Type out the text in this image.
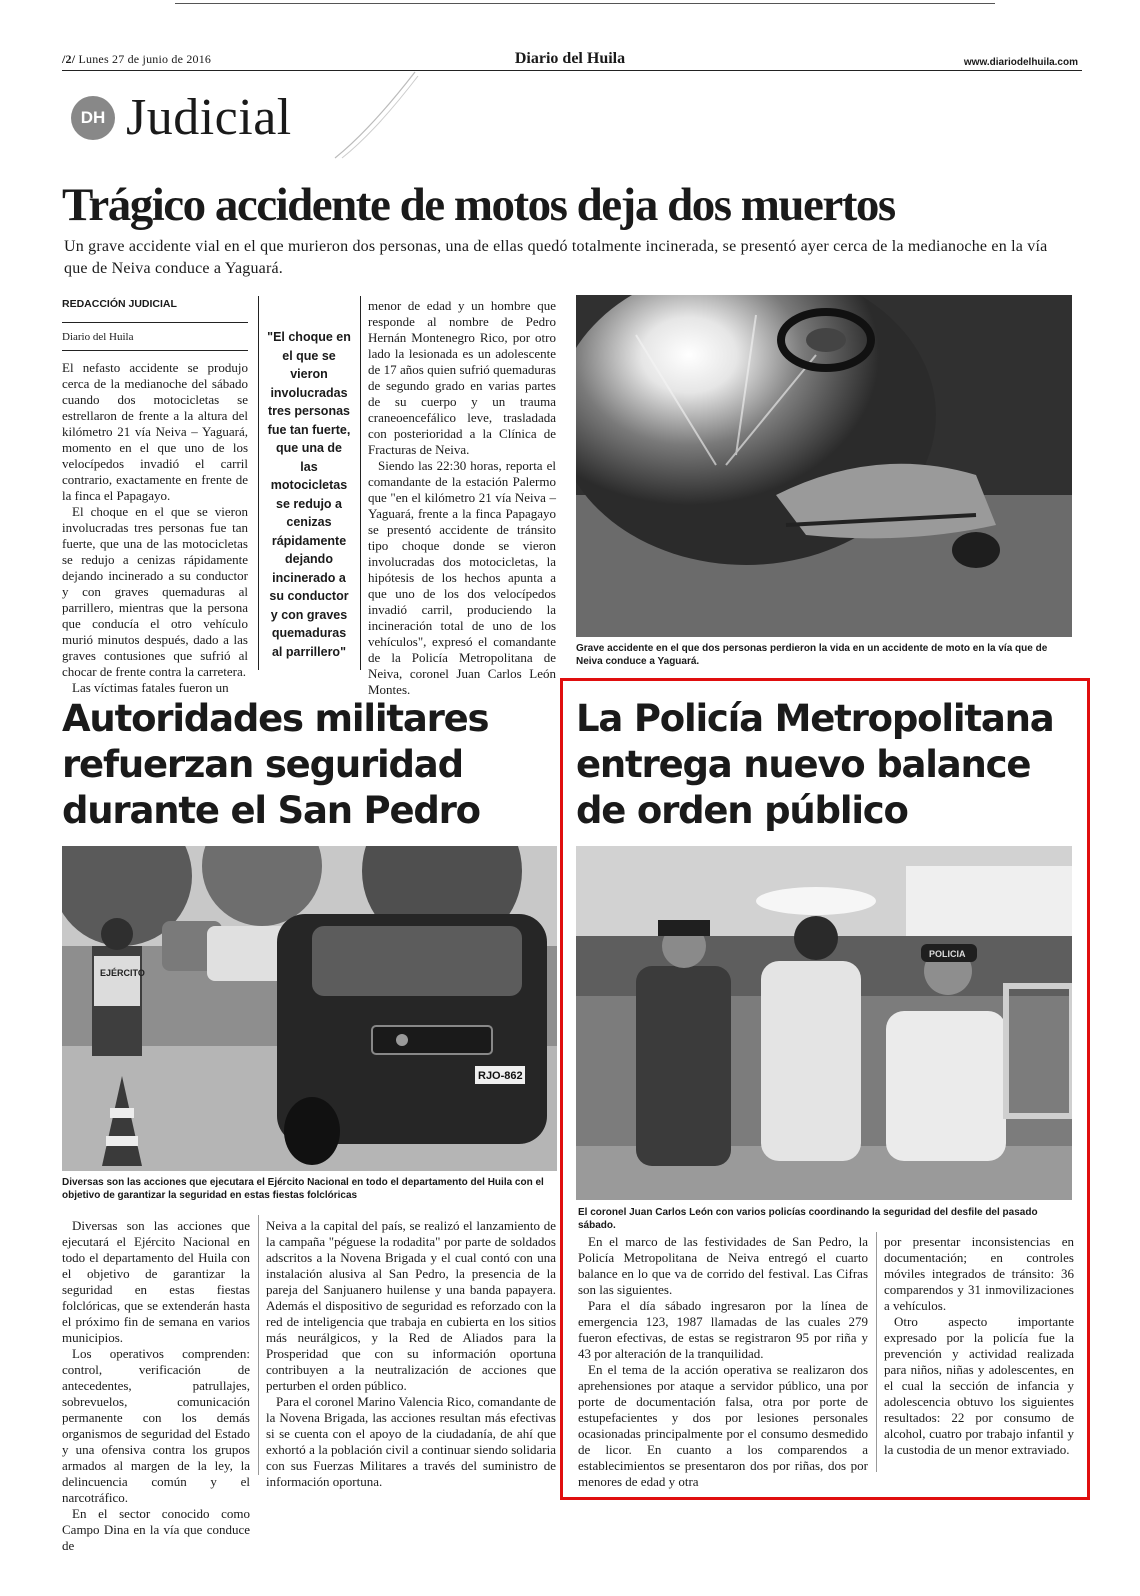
/2/ Lunes 27 de junio de 2016	Diario del Huila	www.diariodelhuila.com
DH Judicial
Trágico accidente de motos deja dos muertos

Un grave accidente vial en el que murieron dos personas, una de ellas quedó totalmente incinerada, se presentó ayer cerca de la medianoche en la vía que de Neiva conduce a Yaguará.

REDACCIÓN JUDICIAL
Diario del Huila

El nefasto accidente se produjo cerca de la medianoche del sábado cuando dos motocicletas se estrellaron de frente a la altura del kilómetro 21 vía Neiva – Yaguará, momento en el que uno de los velocípedos invadió el carril contrario, exactamente en frente de la finca el Papagayo.

El choque en el que se vieron involucradas tres personas fue tan fuerte, que una de las motocicletas se redujo a cenizas rápidamente dejando incinerado a su conductor y con graves quemaduras al parrillero, mientras que la persona que conducía el otro vehículo murió minutos después, dado a las graves contusiones que sufrió al chocar de frente contra la carretera.

Las víctimas fatales fueron un

"El choque en el que se vieron involucradas tres personas fue tan fuerte, que una de las motocicletas se redujo a cenizas rápidamente dejando incinerado a su conductor y con graves quemaduras al parrillero"

menor de edad y un hombre que responde al nombre de Pedro Hernán Montenegro Rico, por otro lado la lesionada es un adolescente de 17 años quien sufrió quemaduras de segundo grado en varias partes de su cuerpo y un trauma craneoencefálico leve, trasladada con posterioridad a la Clínica de Fracturas de Neiva.

Siendo las 22:30 horas, reporta el comandante de la estación Palermo que "en el kilómetro 21 vía Neiva – Yaguará, frente a la finca Papagayo se presentó accidente de tránsito tipo choque donde se vieron involucradas dos motocicletas, la hipótesis de los hechos apunta a que uno de los dos velocípedos invadió carril, produciendo la incineración total de uno de los vehículos", expresó el comandante de la Policía Metropolitana de Neiva, coronel Juan Carlos León Montes.

Grave accidente en el que dos personas perdieron la vida en un accidente de moto en la vía que de Neiva conduce a Yaguará.
Autoridades militares refuerzan seguridad durante el San Pedro
EJÉRCITO
RJO-862
Diversas son las acciones que ejecutara el Ejército Nacional en todo el departamento del Huila con el objetivo de garantizar la seguridad en estas fiestas folclóricas

Diversas son las acciones que ejecutará el Ejército Nacional en todo el departamento del Huila con el objetivo de garantizar la seguridad en estas fiestas folclóricas, que se extenderán hasta el próximo fin de semana en varios municipios.

Los operativos comprenden: control, verificación de antecedentes, patrullajes, sobrevuelos, comunicación permanente con los demás organismos de seguridad del Estado y una ofensiva contra los grupos armados al margen de la ley, la delincuencia común y el narcotráfico.

En el sector conocido como Campo Dina en la vía que conduce de

Neiva a la capital del país, se realizó el lanzamiento de la campaña "péguese la rodadita" por parte de soldados adscritos a la Novena Brigada y el cual contó con una instalación alusiva al San Pedro, la presencia de la pareja del Sanjuanero huilense y una banda papayera. Además el dispositivo de seguridad es reforzado con la red de inteligencia que trabaja en cubierta en los sitios más neurálgicos, y la Red de Aliados para la Prosperidad que con su información oportuna contribuyen a la neutralización de acciones que perturben el orden público.

Para el coronel Marino Valencia Rico, comandante de la Novena Brigada, las acciones resultan más efectivas si se cuenta con el apoyo de la ciudadanía, de ahí que exhortó a la población civil a continuar siendo solidaria con sus Fuerzas Militares a través del suministro de información oportuna.

La Policía Metropolitana entrega nuevo balance de orden público
POLICIA
El coronel Juan Carlos León con varios policías coordinando la seguridad del desfile del pasado sábado.

En el marco de las festividades de San Pedro, la Policía Metropolitana de Neiva entregó el cuarto balance en lo que va de corrido del festival. Las Cifras son las siguientes.

Para el día sábado ingresaron por la línea de emergencia 123, 1987 llamadas de las cuales 279 fueron efectivas, de estas se registraron 95 por riña y 43 por alteración de la tranquilidad.

En el tema de la acción operativa se realizaron dos aprehensiones por ataque a servidor público, una por porte de documentación falsa, otra por porte de estupefacientes y dos por lesiones personales ocasionadas principalmente por el consumo desmedido de licor. En cuanto a los comparendos a establecimientos se presentaron dos por riñas, dos por menores de edad y otra

por presentar inconsistencias en documentación; en controles móviles integrados de tránsito: 36 comparendos y 31 inmovilizaciones a vehículos.

Otro aspecto importante expresado por la policía fue la prevención y actividad realizada para niños, niñas y adolescentes, en el cual la sección de infancia y adolescencia obtuvo los siguientes resultados: 22 por consumo de alcohol, cuatro por trabajo infantil y la custodia de un menor extraviado.
